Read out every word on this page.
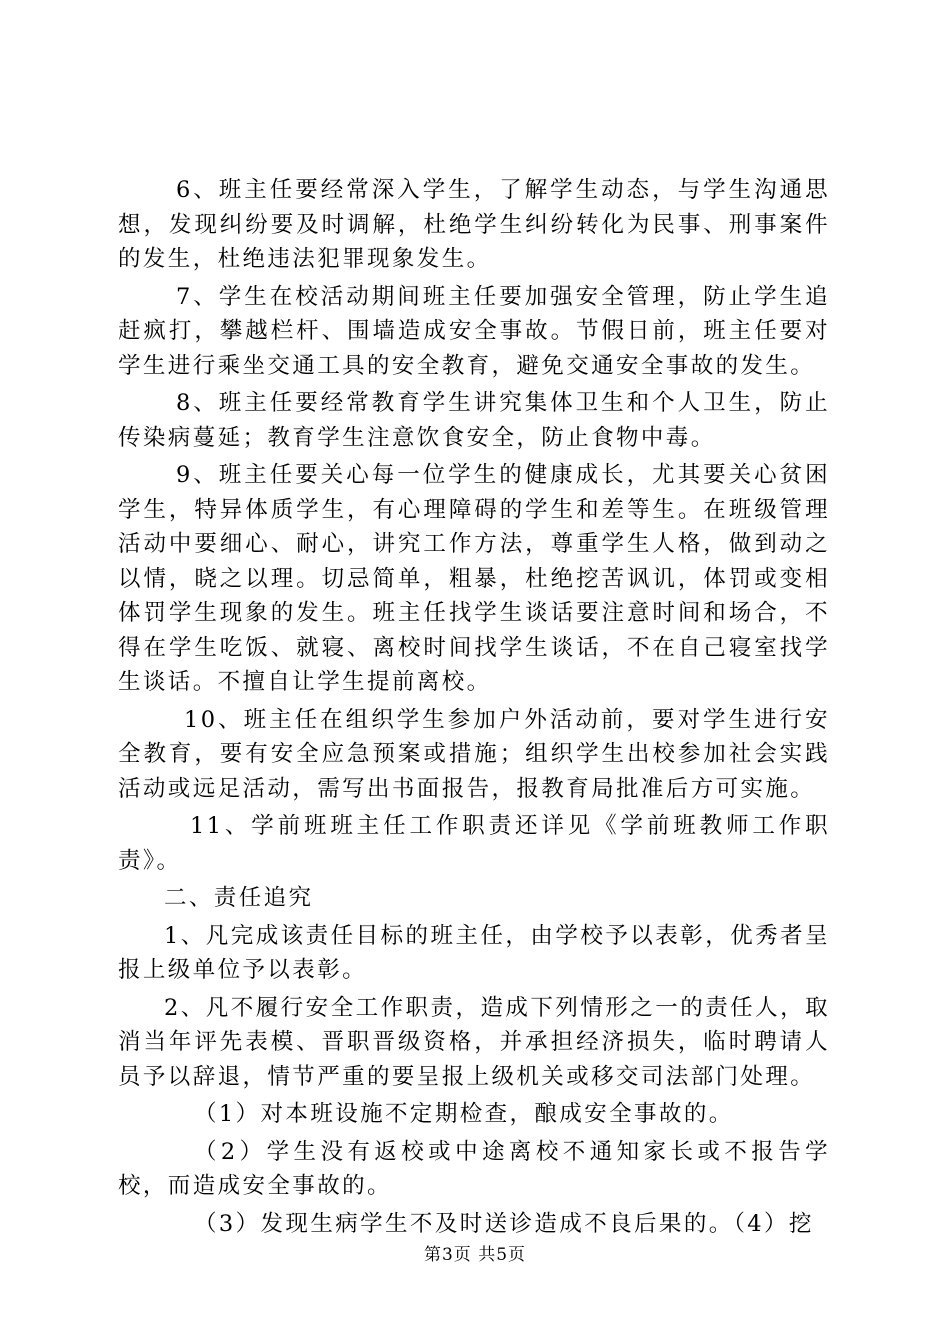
6、班主任要经常深入学生，了解学生动态，与学生沟通思想，发现纠纷要及时调解，杜绝学生纠纷转化为民事、刑事案件的发生，杜绝违法犯罪现象发生。

7、学生在校活动期间班主任要加强安全管理，防止学生追赶疯打，攀越栏杆、围墙造成安全事故。节假日前，班主任要对学生进行乘坐交通工具的安全教育，避免交通安全事故的发生。

8、班主任要经常教育学生讲究集体卫生和个人卫生，防止传染病蔓延；教育学生注意饮食安全，防止食物中毒。

9、班主任要关心每一位学生的健康成长，尤其要关心贫困学生，特异体质学生，有心理障碍的学生和差等生。在班级管理活动中要细心、耐心，讲究工作方法，尊重学生人格，做到动之以情，晓之以理。切忌简单，粗暴，杜绝挖苦讽讥，体罚或变相体罚学生现象的发生。班主任找学生谈话要注意时间和场合，不得在学生吃饭、就寝、离校时间找学生谈话，不在自己寝室找学生谈话。不擅自让学生提前离校。

10、班主任在组织学生参加户外活动前，要对学生进行安全教育，要有安全应急预案或措施；组织学生出校参加社会实践活动或远足活动，需写出书面报告，报教育局批准后方可实施。

11、学前班班主任工作职责还详见《学前班教师工作职责》。

二、责任追究

1、凡完成该责任目标的班主任，由学校予以表彰，优秀者呈报上级单位予以表彰。

2、凡不履行安全工作职责，造成下列情形之一的责任人，取消当年评先表模、晋职晋级资格，并承担经济损失，临时聘请人员予以辞退，情节严重的要呈报上级机关或移交司法部门处理。

（1）对本班设施不定期检查，酿成安全事故的。

（2）学生没有返校或中途离校不通知家长或不报告学校，而造成安全事故的。

（3）发现生病学生不及时送诊造成不良后果的。（4）挖

第3页 共5页
